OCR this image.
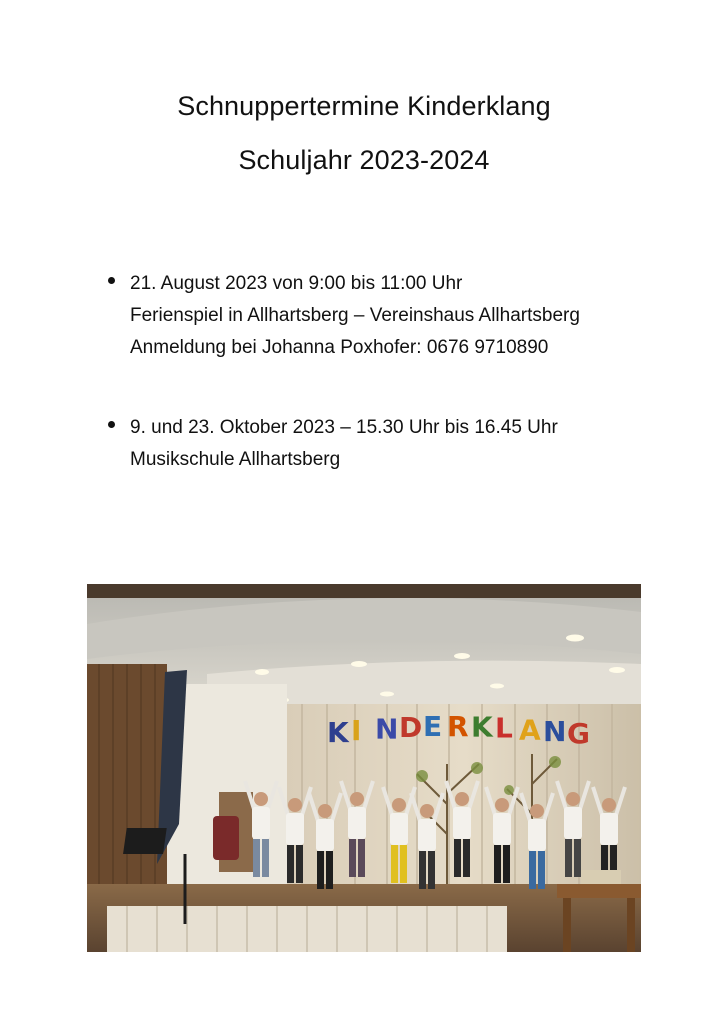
Schnuppertermine Kinderklang
Schuljahr 2023-2024
21. August 2023 von 9:00 bis 11:00 Uhr
Ferienspiel in Allhartsberg – Vereinshaus Allhartsberg
Anmeldung bei Johanna Poxhofer: 0676 9710890
9. und 23. Oktober 2023 – 15.30 Uhr bis 16.45 Uhr
Musikschule Allhartsberg
K I N D E R K L A N G
